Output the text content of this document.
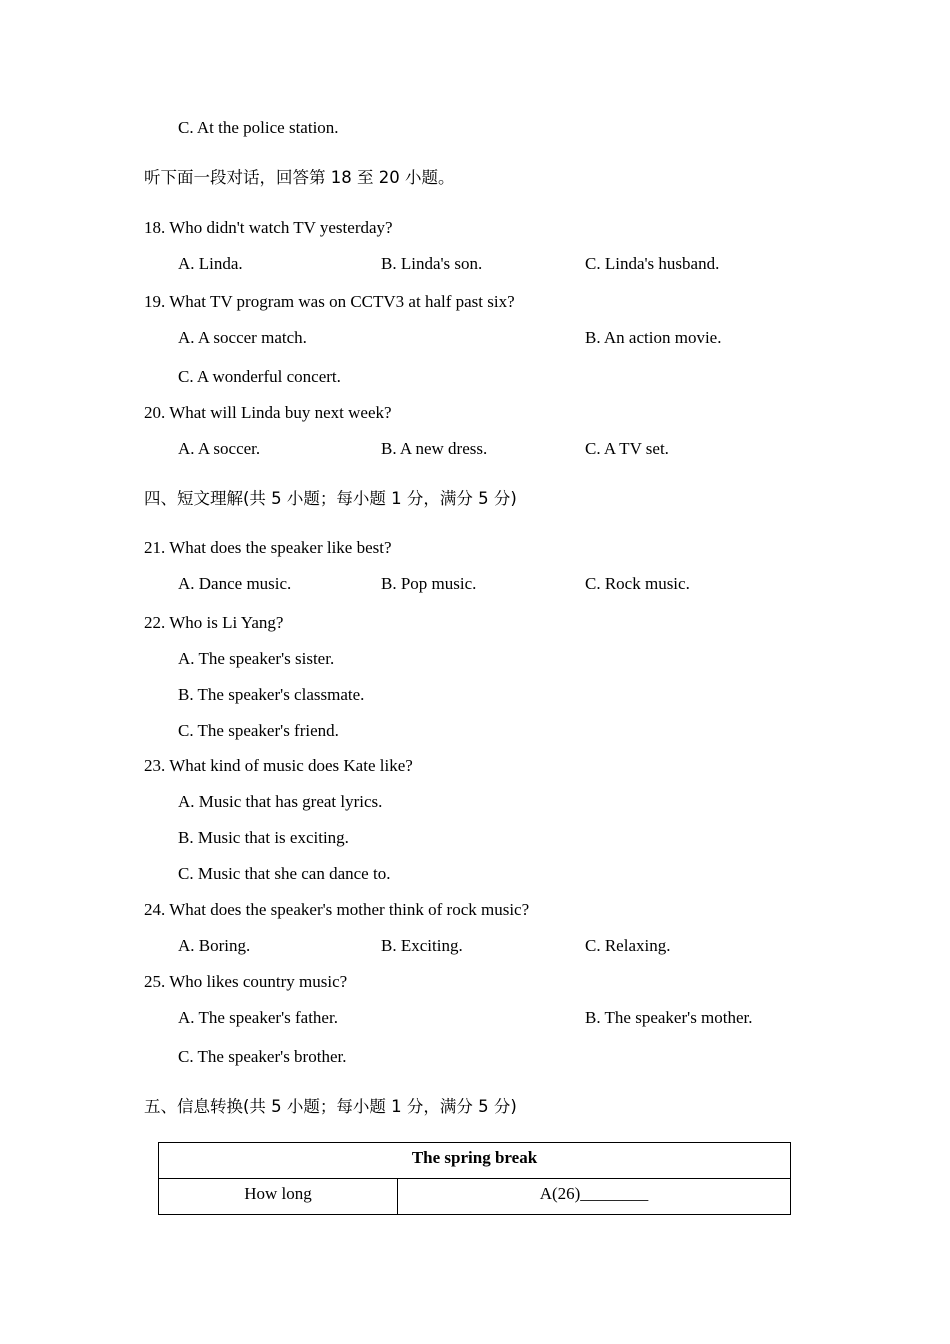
C. At the police station.
听下面一段对话，回答第 18 至 20 小题。
18. Who didn't watch TV yesterday?
A. Linda.	B. Linda's son.	C. Linda's husband.
19. What TV program was on CCTV3 at half past six?
A. A soccer match.	B. An action movie.
C. A wonderful concert.
20. What will Linda buy next week?
A. A soccer.	B. A new dress.	C. A TV set.
四、短文理解(共 5 小题；每小题 1 分，满分 5 分)
21. What does the speaker like best?
A. Dance music.	B. Pop music.	C. Rock music.
22. Who is Li Yang?
A. The speaker's sister.
B. The speaker's classmate.
C. The speaker's friend.
23. What kind of music does Kate like?
A. Music that has great lyrics.
B. Music that is exciting.
C. Music that she can dance to.
24. What does the speaker's mother think of rock music?
A. Boring.	B. Exciting.	C. Relaxing.
25. Who likes country music?
A. The speaker's father.	B. The speaker's mother.
C. The speaker's brother.
五、信息转换(共 5 小题；每小题 1 分，满分 5 分)
The spring break
How long	A(26)________
